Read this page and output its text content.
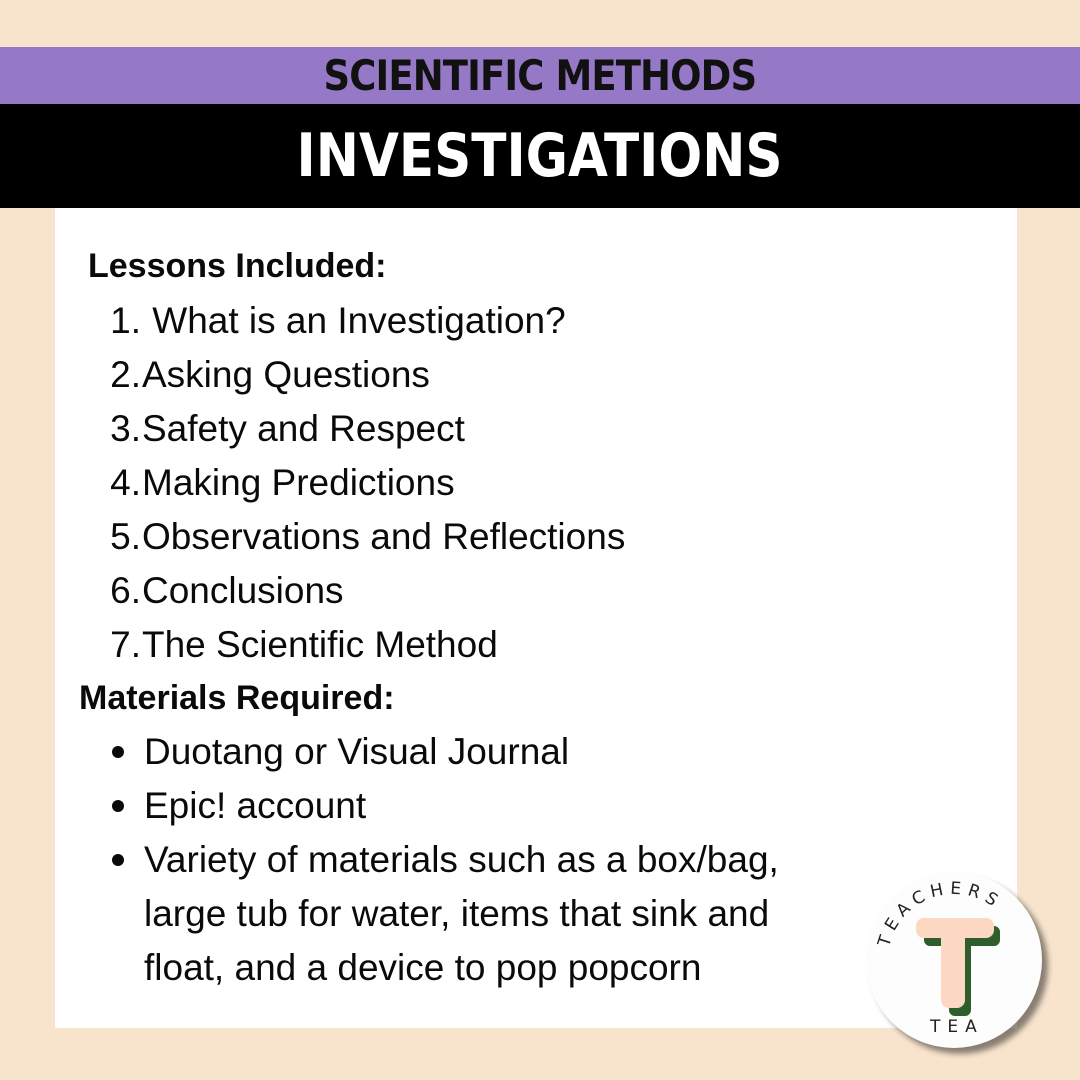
SCIENTIFIC METHODS
INVESTIGATIONS
Lessons Included:
1. What is an Investigation?
2.Asking Questions
3.Safety and Respect
4.Making Predictions
5.Observations and Reflections
6.Conclusions
7.The Scientific Method
Materials Required:
Duotang or Visual Journal
Epic! account
Variety of materials such as a box/bag,
large tub for water, items that sink and
float, and a device to pop popcorn
TEACHERS
TEA
